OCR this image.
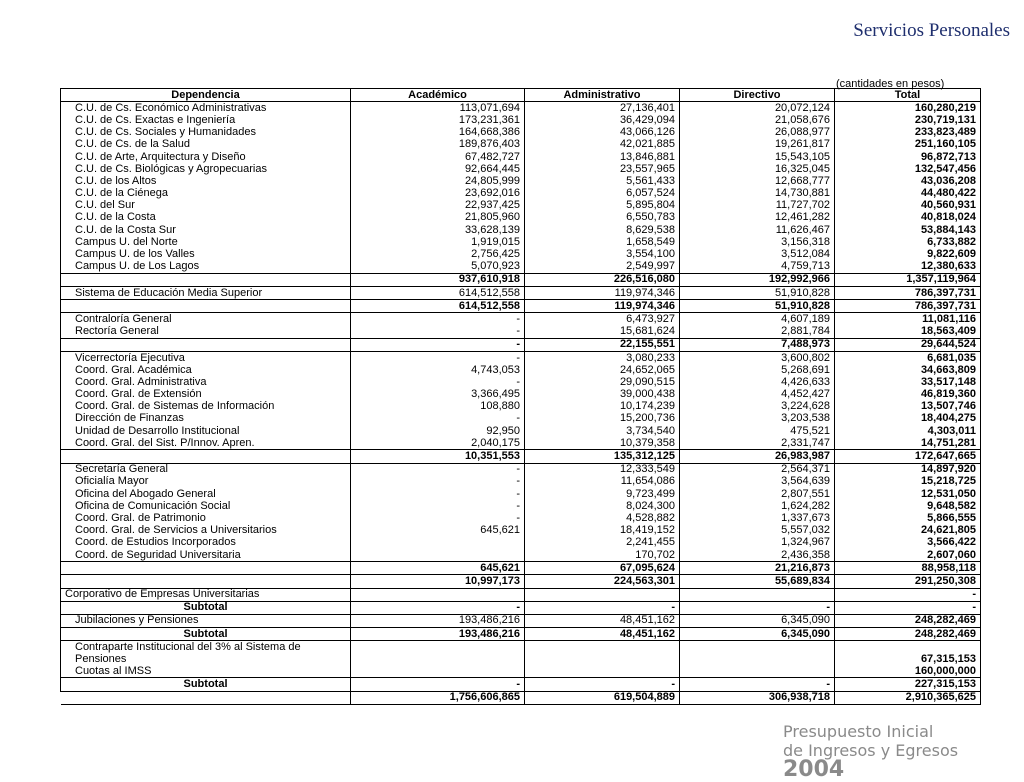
Servicios Personales
(cantidades en pesos)
Dependencia	Académico	Administrativo	Directivo	Total
C.U. de Cs. Económico Administrativas	113,071,694	27,136,401	20,072,124	160,280,219
C.U. de Cs. Exactas e Ingeniería	173,231,361	36,429,094	21,058,676	230,719,131
C.U. de Cs. Sociales y Humanidades	164,668,386	43,066,126	26,088,977	233,823,489
C.U. de Cs. de la Salud	189,876,403	42,021,885	19,261,817	251,160,105
C.U. de Arte, Arquitectura y Diseño	67,482,727	13,846,881	15,543,105	96,872,713
C.U. de Cs. Biológicas y Agropecuarias	92,664,445	23,557,965	16,325,045	132,547,456
C.U. de los Altos	24,805,999	5,561,433	12,668,777	43,036,208
C.U. de la Ciénega	23,692,016	6,057,524	14,730,881	44,480,422
C.U. del Sur	22,937,425	5,895,804	11,727,702	40,560,931
C.U. de la Costa	21,805,960	6,550,783	12,461,282	40,818,024
C.U. de la Costa Sur	33,628,139	8,629,538	11,626,467	53,884,143
Campus U. del Norte	1,919,015	1,658,549	3,156,318	6,733,882
Campus U. de los Valles	2,756,425	3,554,100	3,512,084	9,822,609
Campus U. de Los Lagos	5,070,923	2,549,997	4,759,713	12,380,633
	937,610,918	226,516,080	192,992,966	1,357,119,964
Sistema de Educación Media Superior	614,512,558	119,974,346	51,910,828	786,397,731
	614,512,558	119,974,346	51,910,828	786,397,731
Contraloría General	-	6,473,927	4,607,189	11,081,116
Rectoría General	-	15,681,624	2,881,784	18,563,409
	-	22,155,551	7,488,973	29,644,524
Vicerrectoría Ejecutiva	-	3,080,233	3,600,802	6,681,035
Coord. Gral. Académica	4,743,053	24,652,065	5,268,691	34,663,809
Coord. Gral. Administrativa	-	29,090,515	4,426,633	33,517,148
Coord. Gral. de Extensión	3,366,495	39,000,438	4,452,427	46,819,360
Coord. Gral. de Sistemas de Información	108,880	10,174,239	3,224,628	13,507,746
Dirección de Finanzas	-	15,200,736	3,203,538	18,404,275
Unidad de Desarrollo Institucional	92,950	3,734,540	475,521	4,303,011
Coord. Gral. del Sist. P/Innov. Apren.	2,040,175	10,379,358	2,331,747	14,751,281
	10,351,553	135,312,125	26,983,987	172,647,665
Secretaría General	-	12,333,549	2,564,371	14,897,920
Oficialía Mayor	-	11,654,086	3,564,639	15,218,725
Oficina del Abogado General	-	9,723,499	2,807,551	12,531,050
Oficina de Comunicación Social	-	8,024,300	1,624,282	9,648,582
Coord. Gral. de Patrimonio	-	4,528,882	1,337,673	5,866,555
Coord. Gral. de Servicios a Universitarios	645,621	18,419,152	5,557,032	24,621,805
Coord. de Estudios Incorporados		2,241,455	1,324,967	3,566,422
Coord. de Seguridad Universitaria		170,702	2,436,358	2,607,060
	645,621	67,095,624	21,216,873	88,958,118
	10,997,173	224,563,301	55,689,834	291,250,308
Corporativo de Empresas Universitarias				-
Subtotal	-	-	-	-
Jubilaciones y Pensiones	193,486,216	48,451,162	6,345,090	248,282,469
Subtotal	193,486,216	48,451,162	6,345,090	248,282,469
Contraparte Institucional del 3% al Sistema de Pensiones				67,315,153
Cuotas al IMSS				160,000,000
Subtotal	-	-	-	227,315,153
	1,756,606,865	619,504,889	306,938,718	2,910,365,625
Presupuesto Inicial
de Ingresos y Egresos 2004
